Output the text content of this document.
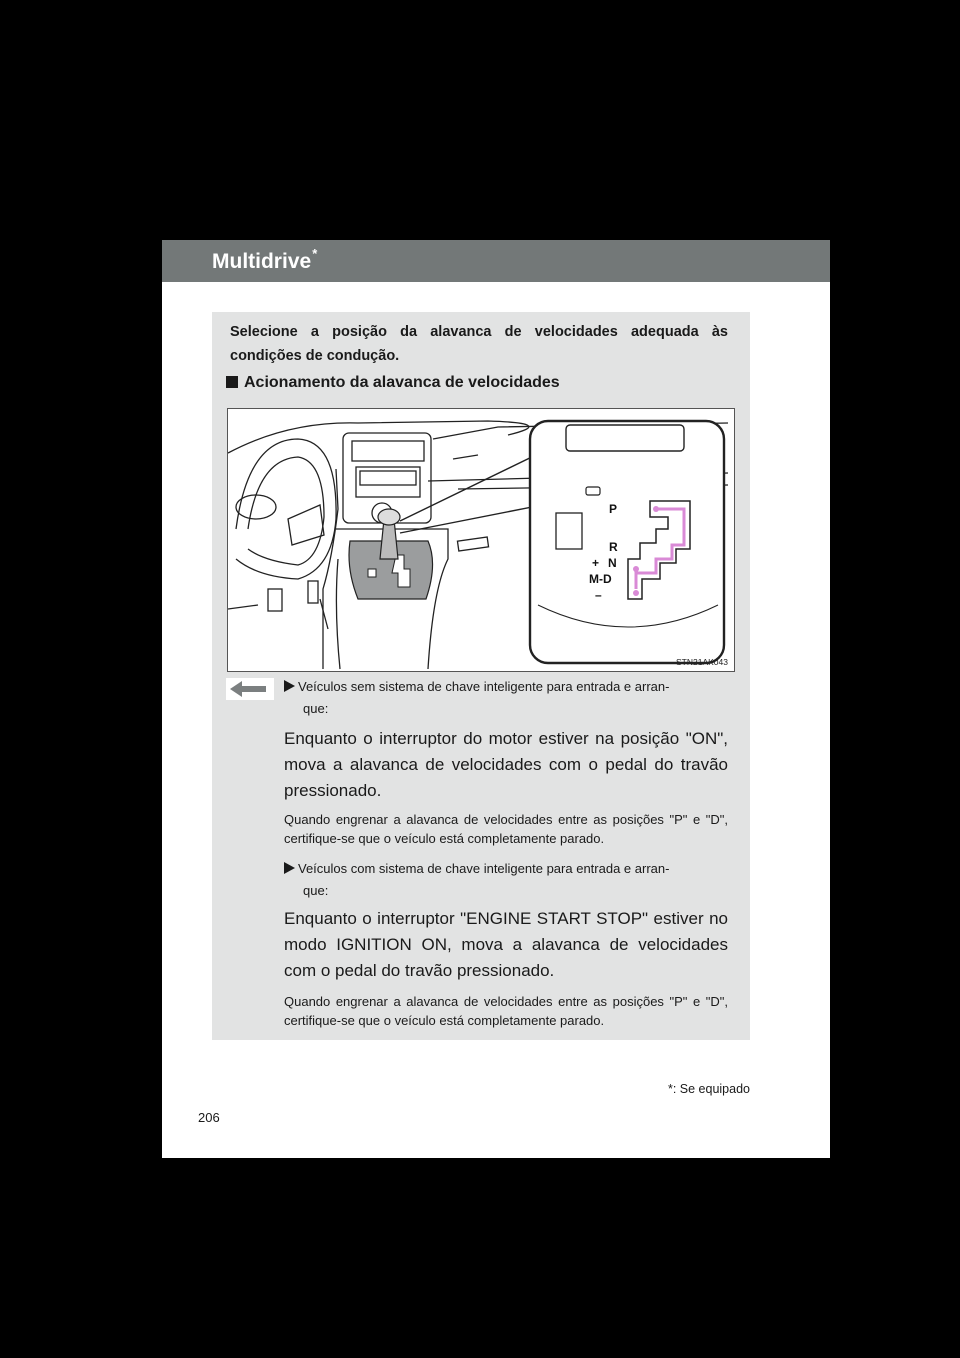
Multidrive*
Selecione a posição da alavanca de velocidades adequada às condições de condução.
Acionamento da alavanca de velocidades
P
R
+ N
M-D
–
STN21AK043
Veículos sem sistema de chave inteligente para entrada e arran-
que:
Enquanto o interruptor do motor estiver na posição "ON", mova a alavanca de velocidades com o pedal do travão pressionado.
Quando engrenar a alavanca de velocidades entre as posições "P" e "D", certifique-se que o veículo está completamente parado.
Veículos com sistema de chave inteligente para entrada e arran-
que:
Enquanto o interruptor "ENGINE START STOP" estiver no modo IGNITION ON, mova a alavanca de velocidades com o pedal do travão pressionado.
Quando engrenar a alavanca de velocidades entre as posições "P" e "D", certifique-se que o veículo está completamente parado.
*: Se equipado
206
